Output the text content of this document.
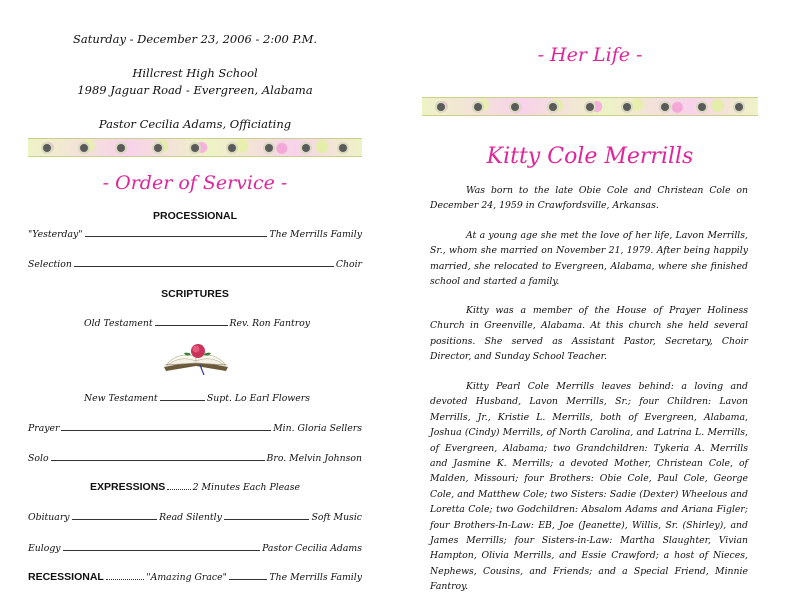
Saturday - December 23, 2006 - 2:00 P.M.
Hillcrest High School
1989 Jaguar Road - Evergreen, Alabama
Pastor Cecilia Adams, Officiating
- Order of Service -
PROCESSIONAL
"Yesterday"	The Merrills Family
Selection	Choir
SCRIPTURES
Old Testament	Rev. Ron Fantroy
New Testament	Supt. Lo Earl Flowers
Prayer	Min. Gloria Sellers
Solo	Bro. Melvin Johnson
EXPRESSIONS	2 Minutes Each Please
Obituary	Read Silently	Soft Music
Eulogy	Pastor Cecilia Adams
RECESSIONAL	"Amazing Grace"	The Merrills Family
- Her Life -
Kitty Cole Merrills
Was born to the late Obie Cole and Christean Cole on December 24, 1959 in Crawfordsville, Arkansas.
At a young age she met the love of her life, Lavon Merrills, Sr., whom she married on November 21, 1979. After being happily married, she relocated to Evergreen, Alabama, where she finished school and started a family.
Kitty was a member of the House of Prayer Holiness Church in Greenville, Alabama. At this church she held several positions. She served as Assistant Pastor, Secretary, Choir Director, and Sunday School Teacher.
Kitty Pearl Cole Merrills leaves behind: a loving and devoted Husband, Lavon Merrills, Sr.; four Children: Lavon Merrills, Jr., Kristie L. Merrills, both of Evergreen, Alabama, Joshua (Cindy) Merrills, of North Carolina, and Latrina L. Merrills, of Evergreen, Alabama; two Grandchildren: Tykeria A. Merrills and Jasmine K. Merrills; a devoted Mother, Christean Cole, of Malden, Missouri; four Brothers: Obie Cole, Paul Cole, George Cole, and Matthew Cole; two Sisters: Sadie (Dexter) Wheelous and Loretta Cole; two Godchildren: Absalom Adams and Ariana Figler; four Brothers-In-Law: EB, Joe (Jeanette), Willis, Sr. (Shirley), and James Merrills; four Sisters-in-Law: Martha Slaughter, Vivian Hampton, Olivia Merrills, and Essie Crawford; a host of Nieces, Nephews, Cousins, and Friends; and a Special Friend, Minnie Fantroy.
